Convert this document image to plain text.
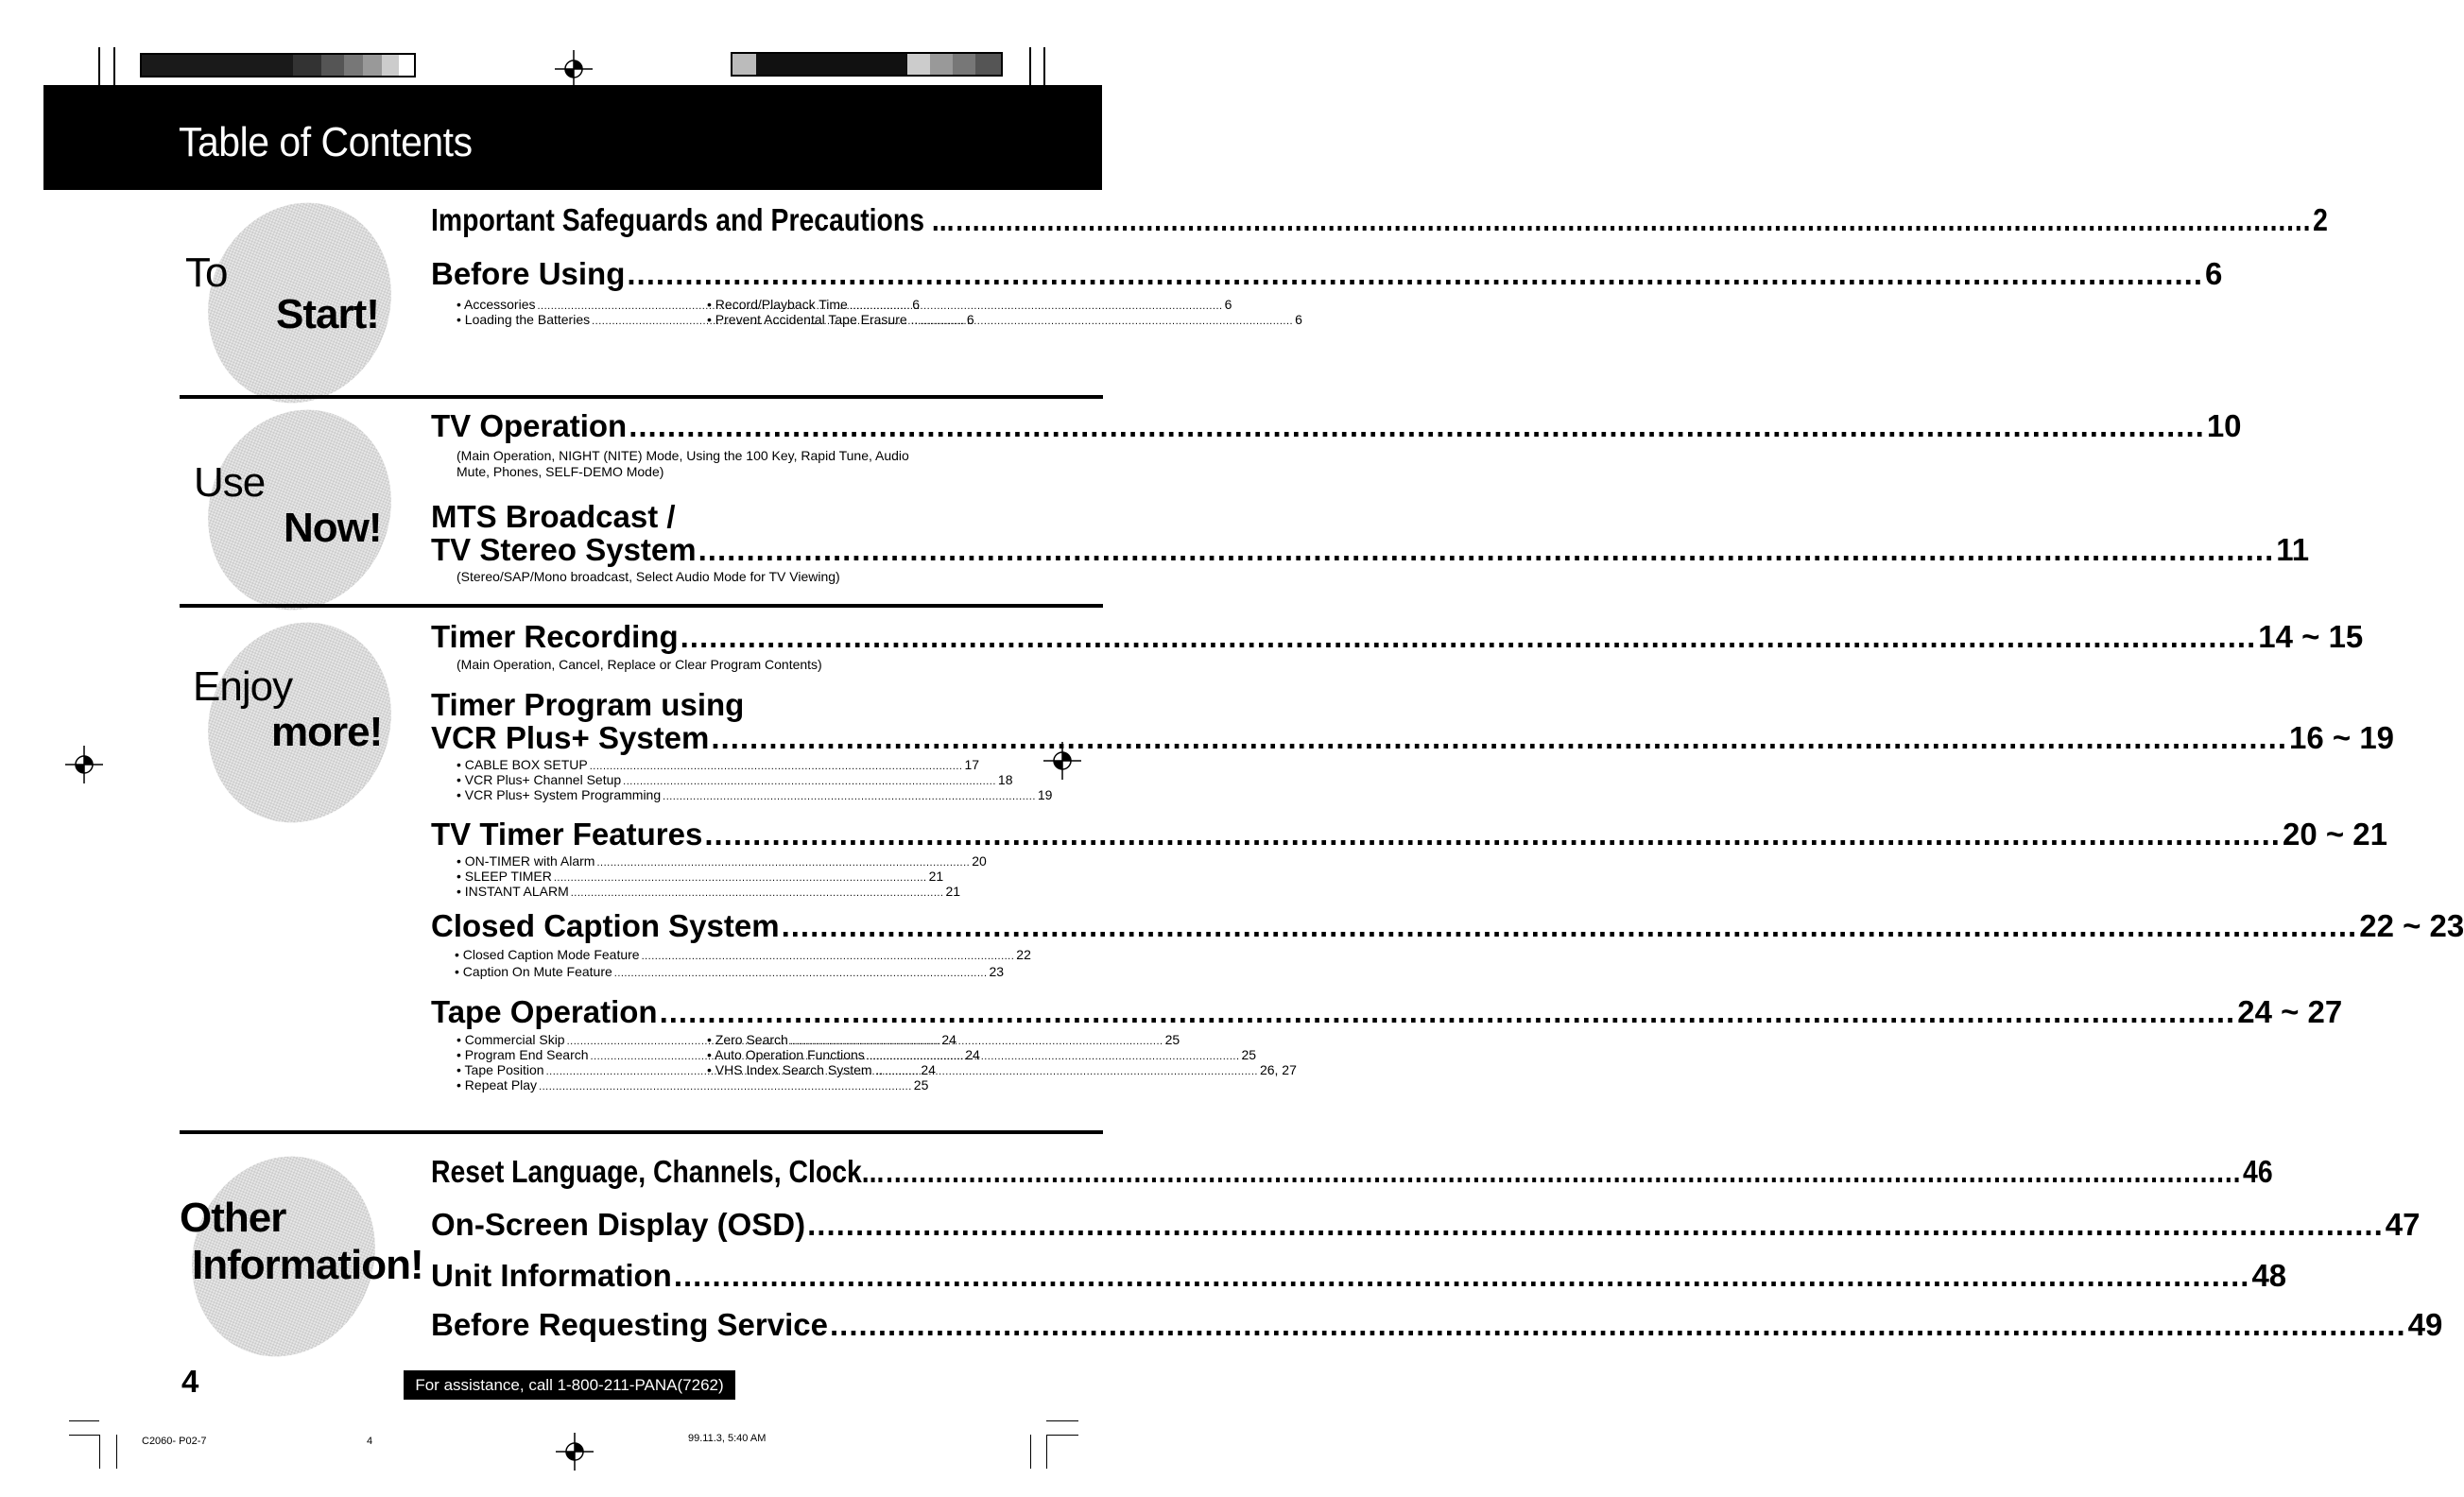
Table of Contents
To
Start!
Use
Now!
Enjoy
more!
Other
Information!
Important Safeguards and Precautions ... .....	2
Before Using .....	6
• Accessories .....	6
• Loading the Batteries .....	6
• Record/Playback Time .....	6
• Prevent Accidental Tape Erasure .. .....	6
TV Operation .....	10
(Main Operation, NIGHT (NITE) Mode, Using the 100 Key, Rapid Tune, Audio Mute, Phones, SELF-DEMO Mode)
MTS Broadcast /
TV Stereo System .....	11
(Stereo/SAP/Mono broadcast, Select Audio Mode for TV Viewing)
Timer Recording .....	14 ~ 15
(Main Operation, Cancel, Replace or Clear Program Contents)
Timer Program using
VCR Plus+ System .....	16 ~ 19
• CABLE BOX SETUP .....	17
• VCR Plus+ Channel Setup .....	18
• VCR Plus+ System Programming .....	19
TV Timer Features .....	20 ~ 21
• ON-TIMER with Alarm .....	20
• SLEEP TIMER .....	21
• INSTANT ALARM .....	21
Closed Caption System .....	22 ~ 23
• Closed Caption Mode Feature .....	22
• Caption On Mute Feature .....	23
Tape Operation .....	24 ~ 27
• Commercial Skip .....	24
• Program End Search .....	24
• Tape Position .....	24
• Repeat Play .....	25
• Zero Search .....	25
• Auto Operation Functions .....	25
• VHS Index Search System .. .....	26, 27
Reset Language, Channels, Clock... .....	46
On-Screen Display (OSD) .....	47
Unit Information .....	48
Before Requesting Service .....	49
4	For assistance, call 1-800-211-PANA(7262)
C2060- P02-7	4	99.11.3, 5:40 AM
